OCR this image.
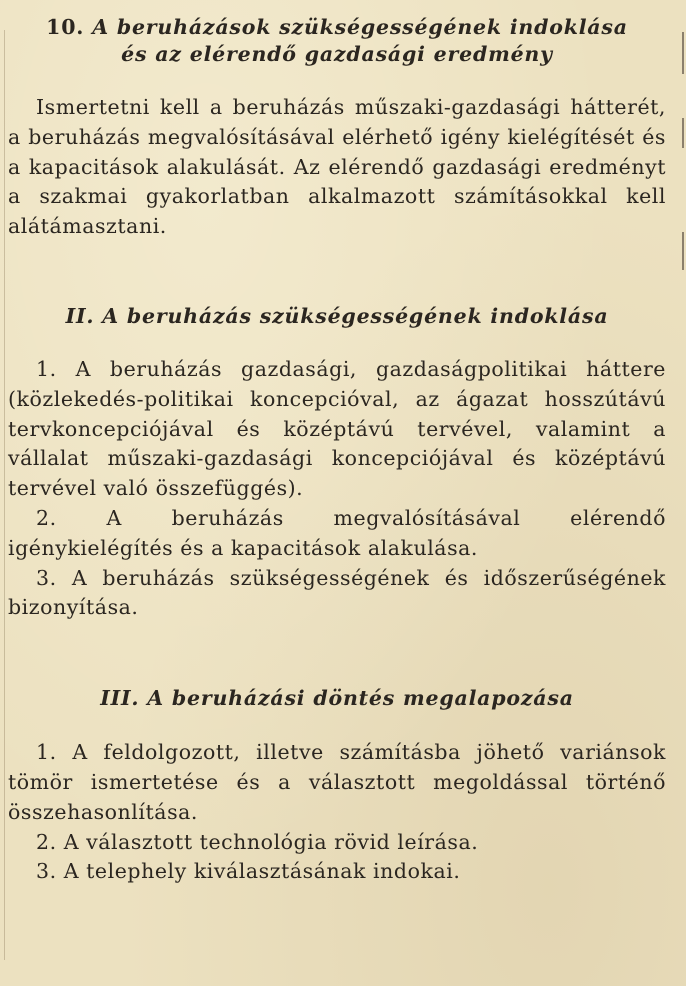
10. A beruházások szükségességének indoklása
és az elérendő gazdasági eredmény

Ismertetni kell a beruházás műszaki-gazdasági hátterét, a beruházás megvalósításával elérhető igény kielégítését és a kapacitások alakulását. Az elérendő gazdasági eredményt a szakmai gyakorlatban alkalmazott számításokkal kell alátámasztani.

II. A beruházás szükségességének indoklása

1. A beruházás gazdasági, gazdaságpolitikai háttere (közlekedés-politikai koncepcióval, az ágazat hosszútávú tervkoncepciójával és középtávú tervével, valamint a vállalat műszaki-gazdasági koncepciójával és középtávú tervével való összefüggés).

2. A beruházás megvalósításával elérendő igénykielégítés és a kapacitások alakulása.

3. A beruházás szükségességének és időszerűségének bizonyítása.

III. A beruházási döntés megalapozása

1. A feldolgozott, illetve számításba jöhető variánsok tömör ismertetése és a választott megoldással történő összehasonlítása.

2. A választott technológia rövid leírása.

3. A telephely kiválasztásának indokai.
